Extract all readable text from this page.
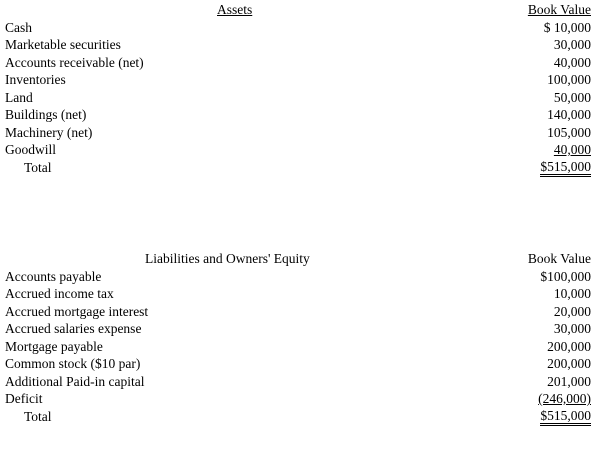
Assets	Book Value
Cash	$ 10,000
Marketable securities	30,000
Accounts receivable (net)	40,000
Inventories	100,000
Land	50,000
Buildings (net)	140,000
Machinery (net)	105,000
Goodwill	40,000
Total	$515,000
Liabilities and Owners' Equity	Book Value
Accounts payable	$100,000
Accrued income tax	10,000
Accrued mortgage interest	20,000
Accrued salaries expense	30,000
Mortgage payable	200,000
Common stock ($10 par)	200,000
Additional Paid-in capital	201,000
Deficit	(246,000)
Total	$515,000
